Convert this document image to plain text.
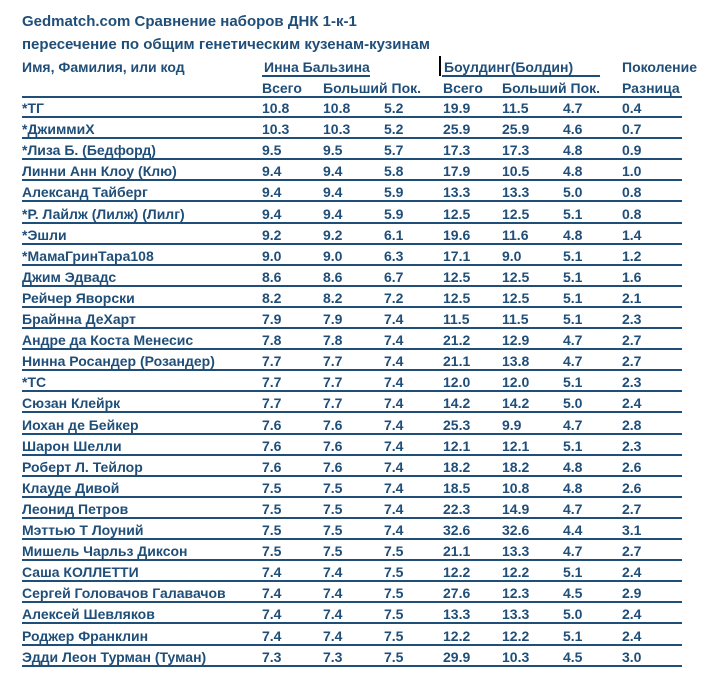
Gedmatch.com Сравнение наборов ДНК 1-к-1
пересечение по общим генетическим кузенам-кузинам
Имя, Фамилия, или код	Инна Бальзина	Боулдинг(Болдин)	Поколение
Всего Больший Пок. Всего Больший Пок. Разница
*ТГ	10.8 10.8 5.2	19.9 11.5 4.7	0.4
*ДжиммиХ	10.3 10.3 5.2	25.9 25.9 4.6	0.7
*Лиза Б. (Бедфорд)	9.5	9.5	5.7	17.3 17.3 4.8	0.9
Линни Анн Клоу (Клю)	9.4	9.4	5.8	17.9 10.5 4.8	1.0
Александ Тайберг	9.4	9.4	5.9	13.3 13.3 5.0	0.8
*Р. Лайлж (Лилж) (Лилг)	9.4	9.4	5.9	12.5 12.5 5.1	0.8
*Эшли	9.2	9.2	6.1	19.6 11.6 4.8	1.4
*МамаГринТара108	9.0	9.0	6.3	17.1 9.0	5.1	1.2
Джим Эдвадс	8.6	8.6	6.7	12.5 12.5 5.1	1.6
Рейчер Яворски	8.2	8.2	7.2	12.5 12.5 5.1	2.1
Брайнна ДеХарт	7.9	7.9	7.4	11.5 11.5 5.1	2.3
Андре да Коста Менесис	7.8	7.8	7.4	21.2 12.9 4.7	2.7
Нинна Росандер (Розандер)	7.7	7.7	7.4	21.1 13.8 4.7	2.7
*ТС	7.7	7.7	7.4	12.0 12.0 5.1	2.3
Сюзан Клейрк	7.7	7.7	7.4	14.2 14.2 5.0	2.4
Иохан де Бейкер	7.6	7.6	7.4	25.3 9.9	4.7	2.8
Шарон Шелли	7.6	7.6	7.4	12.1 12.1 5.1	2.3
Роберт Л. Тейлор	7.6	7.6	7.4	18.2 18.2 4.8	2.6
Клауде Дивой	7.5	7.5	7.4	18.5 10.8 4.8	2.6
Леонид Петров	7.5	7.5	7.4	22.3 14.9 4.7	2.7
Мэттью Т Лоуний	7.5	7.5	7.4	32.6 32.6 4.4	3.1
Мишель Чарльз Диксон	7.5	7.5	7.5	21.1 13.3 4.7	2.7
Саша КОЛЛЕТТИ	7.4	7.4	7.5	12.2 12.2 5.1	2.4
Сергей Головачов Галавачов	7.4	7.4	7.5	27.6 12.3 4.5	2.9
Алексей Шевляков	7.4	7.4	7.5	13.3 13.3 5.0	2.4
Роджер Франклин	7.4	7.4	7.5	12.2 12.2 5.1	2.4
Эдди Леон Турман (Туман)	7.3	7.3	7.5	29.9 10.3 4.5	3.0
